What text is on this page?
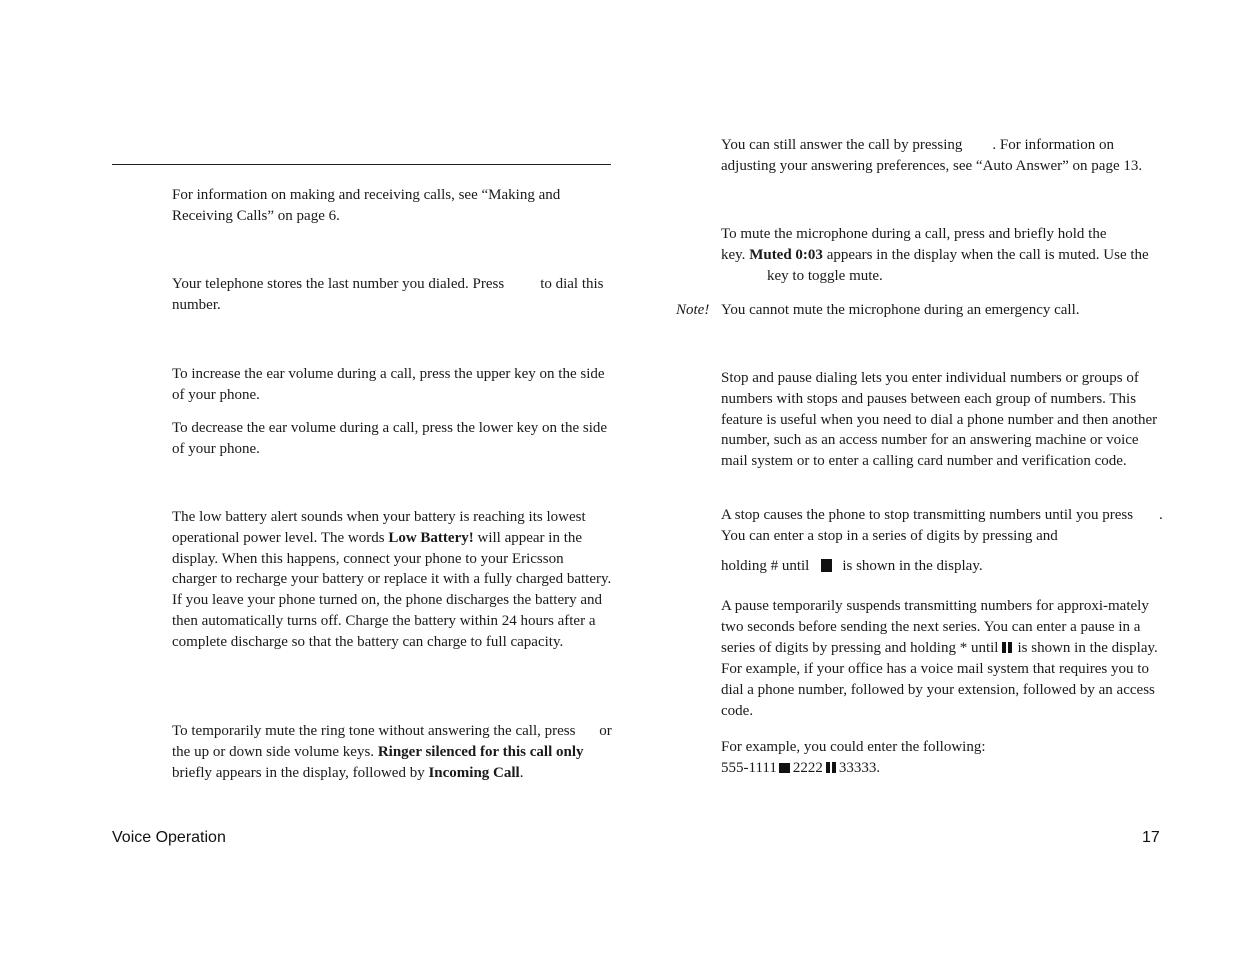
For information on making and receiving calls, see “Making and Receiving Calls” on page 6.

Your telephone stores the last number you dialed. Press to dial this number.

To increase the ear volume during a call, press the upper key on the side of your phone.

To decrease the ear volume during a call, press the lower key on the side of your phone.

The low battery alert sounds when your battery is reaching its lowest operational power level. The words Low Battery! will appear in the display. When this happens, connect your phone to your Ericsson charger to recharge your battery or replace it with a fully charged battery. If you leave your phone turned on, the phone discharges the battery and then automatically turns off. Charge the battery within 24 hours after a complete discharge so that the battery can charge to full capacity.

To temporarily mute the ring tone without answering the call, press or the up or down side volume keys. Ringer silenced for this call only briefly appears in the display, followed by Incoming Call.

You can still answer the call by pressing . For information on adjusting your answering preferences, see “Auto Answer” on page 13.

To mute the microphone during a call, press and briefly hold the key. Muted 0:03 appears in the display when the call is muted. Use thekey to toggle mute.

Note! You cannot mute the microphone during an emergency call.

Stop and pause dialing lets you enter individual numbers or groups of numbers with stops and pauses between each group of numbers. This feature is useful when you need to dial a phone number and then another number, such as an access number for an answering machine or voice mail system or to enter a calling card number and verification code.

A stop causes the phone to stop transmitting numbers until you press . You can enter a stop in a series of digits by pressing and

holding # until is shown in the display.

A pause temporarily suspends transmitting numbers for approxi-mately two seconds before sending the next series. You can enter a pause in a series of digits by pressing and holding * until is shown in the display. For example, if your office has a voice mail system that requires you to dial a phone number, followed by your extension, followed by an access code.

For example, you could enter the following:
555-1111 2222 33333.

Voice Operation	17
